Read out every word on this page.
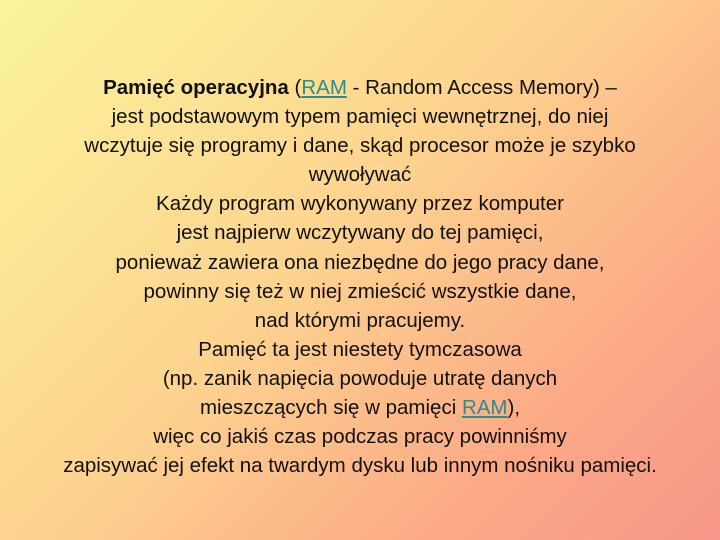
Pamięć operacyjna (RAM - Random Access Memory) –
jest podstawowym typem pamięci wewnętrznej, do niej
wczytuje się programy i dane, skąd procesor może je szybko
wywoływać
Każdy program wykonywany przez komputer
jest najpierw wczytywany do tej pamięci,
ponieważ zawiera ona niezbędne do jego pracy dane,
powinny się też w niej zmieścić wszystkie dane,
nad którymi pracujemy.
Pamięć ta jest niestety tymczasowa
(np. zanik napięcia powoduje utratę danych
mieszczących się w pamięci RAM),
więc co jakiś czas podczas pracy powinniśmy
zapisywać jej efekt na twardym dysku lub innym nośniku pamięci.
